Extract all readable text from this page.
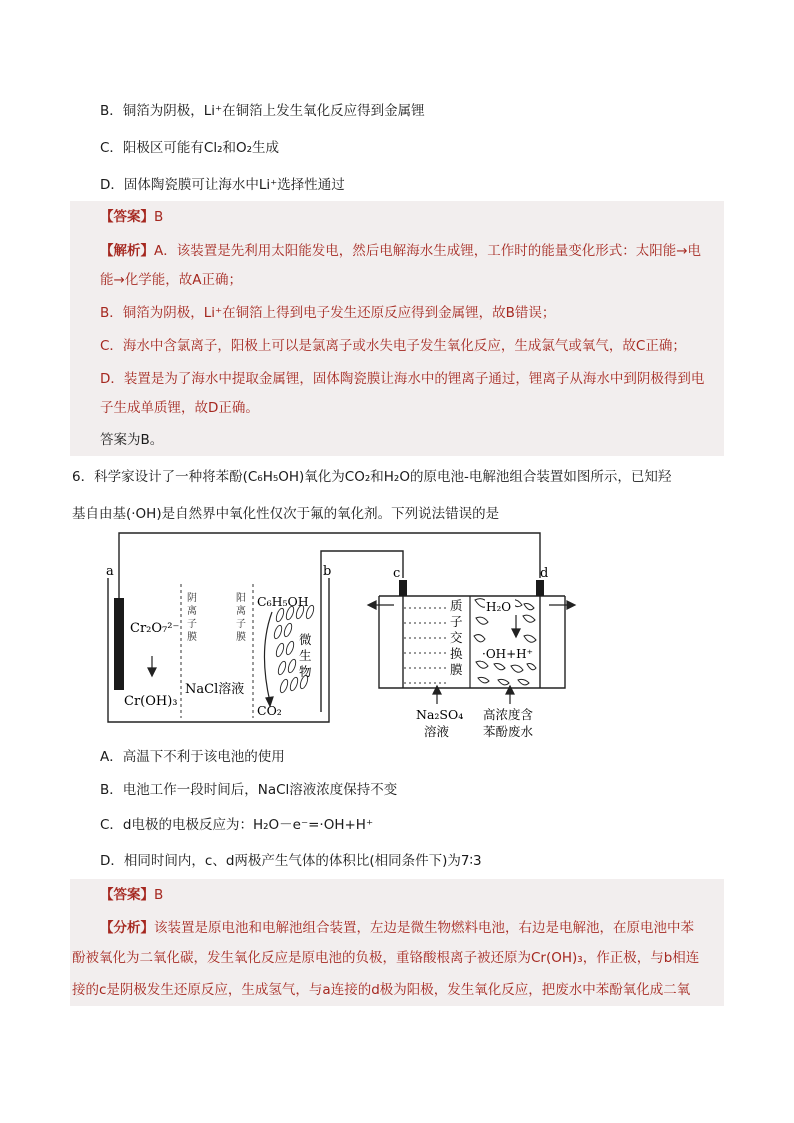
B．铜箔为阴极，Li⁺在铜箔上发生氧化反应得到金属锂
C．阳极区可能有Cl₂和O₂生成
D．固体陶瓷膜可让海水中Li⁺选择性通过
【答案】B
【解析】A．该装置是先利用太阳能发电，然后电解海水生成锂，工作时的能量变化形式：太阳能→电
能→化学能，故A正确；
B．铜箔为阴极，Li⁺在铜箔上得到电子发生还原反应得到金属锂，故B错误；
C．海水中含氯离子，阳极上可以是氯离子或水失电子发生氧化反应，生成氯气或氧气，故C正确；
D．装置是为了海水中提取金属锂，固体陶瓷膜让海水中的锂离子通过，锂离子从海水中到阴极得到电
子生成单质锂，故D正确。
答案为B。
6．科学家设计了一种将苯酚(C₆H₅OH)氧化为CO₂和H₂O的原电池-电解池组合装置如图所示，已知羟
基自由基(·OH)是自然界中氧化性仅次于氟的氧化剂。下列说法错误的是
a	b	c	d
Cr₂O₇²⁻
Cr(OH)₃
阴
离
子
膜
阳
离
子
膜
NaCl溶液
C₆H₅OH
微
生
物
CO₂
质
子
交
换
膜
H₂O
·OH+H⁺
Na₂SO₄
溶液
高浓度含
苯酚废水
A．高温下不利于该电池的使用
B．电池工作一段时间后，NaCl溶液浓度保持不变
C．d电极的电极反应为：H₂O－e⁻=·OH+H⁺
D．相同时间内，c、d两极产生气体的体积比(相同条件下)为7∶3
【答案】B
【分析】该装置是原电池和电解池组合装置，左边是微生物燃料电池，右边是电解池，在原电池中苯
酚被氧化为二氧化碳，发生氧化反应是原电池的负极，重铬酸根离子被还原为Cr(OH)₃，作正极，与b相连
接的c是阴极发生还原反应，生成氢气，与a连接的d极为阳极，发生氧化反应，把废水中苯酚氧化成二氧
